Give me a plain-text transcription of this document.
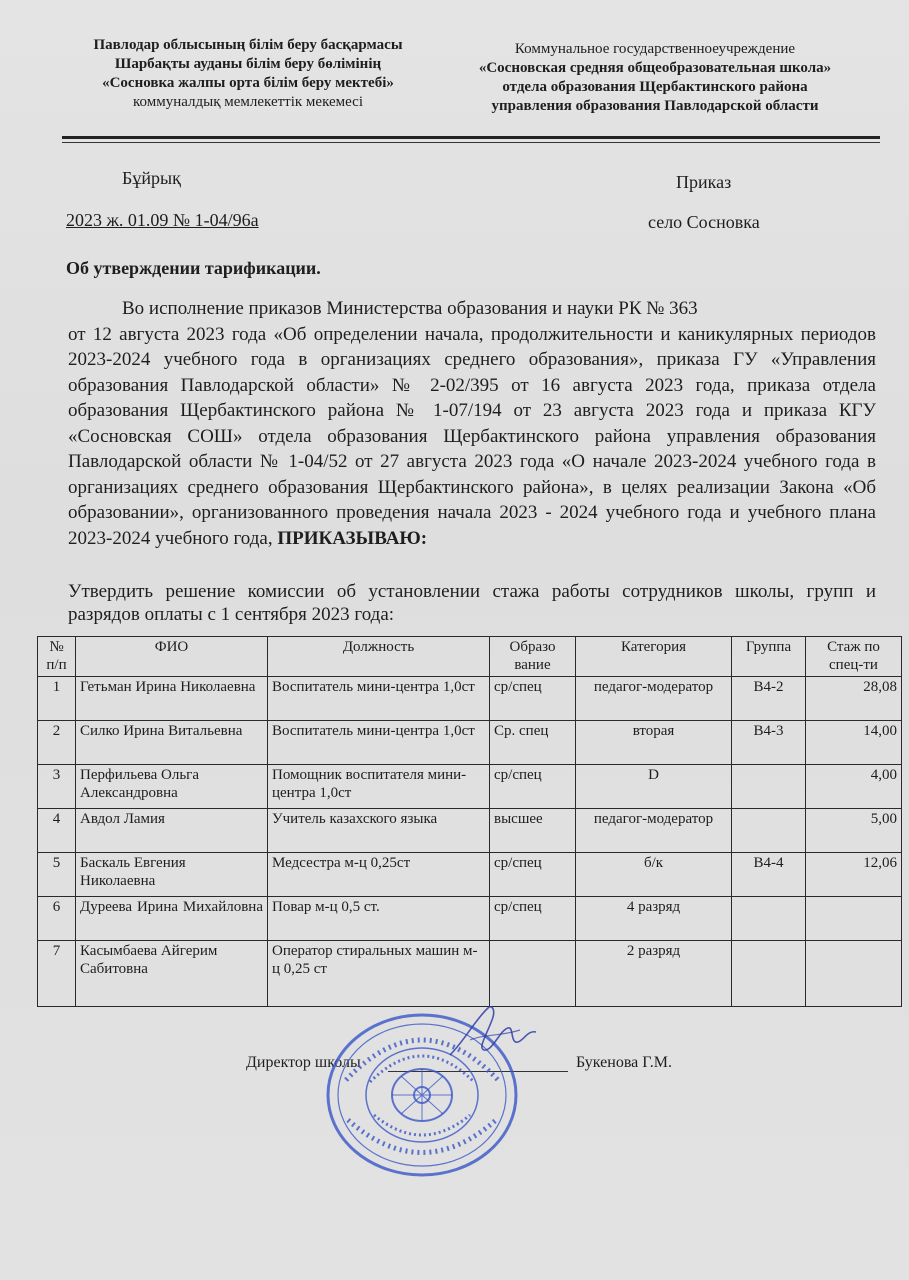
Павлодар облысының білім беру басқармасы
Шарбақты ауданы білім беру бөлімінің
«Сосновка жалпы орта білім беру мектебі»
коммуналдық мемлекеттік мекемесі
Коммунальное государственноеучреждение
«Сосновская средняя общеобразовательная школа»
отдела образования Щербактинского района
управления образования Павлодарской области
Бұйрық	Приказ
2023 ж. 01.09 № 1-04/96а	село Сосновка
Об утверждении тарификации.
Во исполнение приказов Министерства образования и науки РК № 363
от 12 августа 2023 года «Об определении начала, продолжительности и каникулярных периодов 2023-2024 учебного года в организациях среднего образования», приказа ГУ «Управления образования Павлодарской области» № 2-02/395 от 16 августа 2023 года, приказа отдела образования Щербактинского района № 1-07/194 от 23 августа 2023 года и приказа КГУ «Сосновская СОШ» отдела образования Щербактинского района управления образования Павлодарской области № 1-04/52 от 27 августа 2023 года «О начале 2023-2024 учебного года в организациях среднего образования Щербактинского района», в целях реализации Закона «Об образовании», организованного проведения начала 2023 - 2024 учебного года и учебного плана 2023-2024 учебного года, ПРИКАЗЫВАЮ:
Утвердить решение комиссии об установлении стажа работы сотрудников школы, групп и разрядов оплаты с 1 сентября 2023 года:
№ п/п	ФИО	Должность	Образо вание	Категория	Группа	Стаж по спец-ти
1	Гетьман Ирина Николаевна	Воспитатель мини-центра 1,0ст	ср/спец	педагог-модератор	В4-2	28,08
2	Силко Ирина Витальевна	Воспитатель мини-центра 1,0ст	Ср. спец	вторая	В4-3	14,00
3	Перфильева Ольга Александровна	Помощник воспитателя мини-центра 1,0ст	ср/спец	D		4,00
4	Авдол Ламия	Учитель казахского языка	высшее	педагог-модератор		5,00
5	Баскаль Евгения Николаевна	Медсестра м-ц 0,25ст	ср/спец	б/к	В4-4	12,06
6	Дуреева Ирина Михайловна	Повар м-ц 0,5 ст.	ср/спец	4 разряд		
7	Касымбаева Айгерим Сабитовна	Оператор стиральных машин м-ц 0,25 ст		2 разряд		
Директор школы	Букенова Г.М.
